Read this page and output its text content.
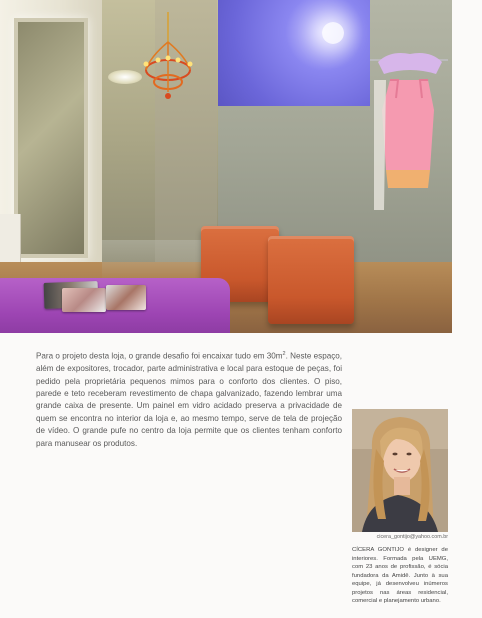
Para o projeto desta loja, o grande desafio foi encaixar tudo em $30m^2$. Neste espaço, além de expositores, trocador, parte administrativa e local para estoque de peças, foi pedido pela proprietária pequenos mimos para o conforto dos clientes. O piso, parede e teto receberam revestimento de chapa galvanizado, fazendo lembrar uma grande caixa de presente. Um painel em vidro acidado preserva a privacidade de quem se encontra no interior da loja e, ao mesmo tempo, serve de tela de projeção de vídeo. O grande pufe no centro da loja permite que os clientes tenham conforto para manusear os produtos.

cicera_gontijo@yahoo.com.br

CÍCERA GONTIJO é designer de interiores. Formada pela UEMG, com 23 anos de profissão, é sócia fundadora da Amidê. Junto à sua equipe, já desenvolveu inúmeros projetos nas áreas residencial, comercial e planejamento urbano.
